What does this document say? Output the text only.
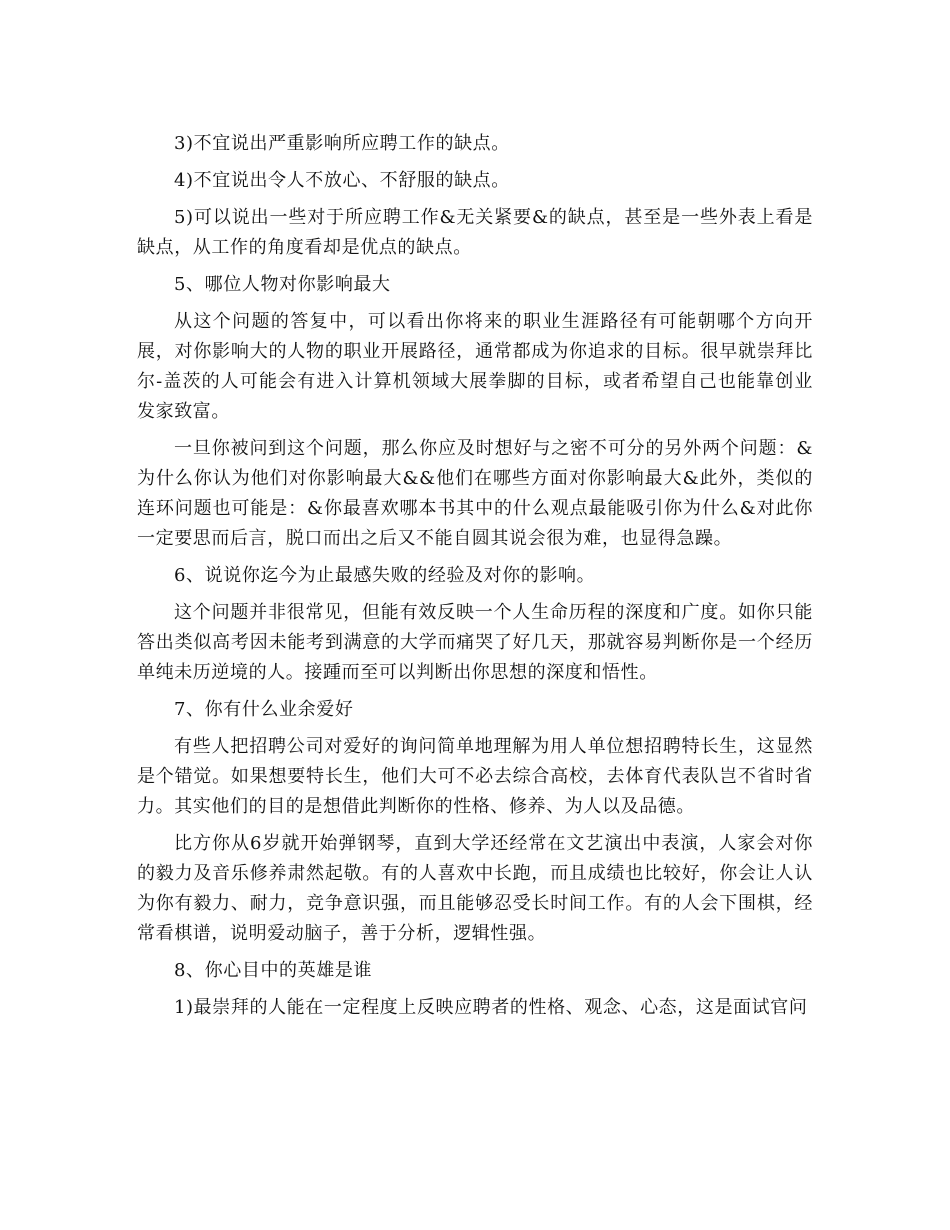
3)不宜说出严重影响所应聘工作的缺点。

4)不宜说出令人不放心、不舒服的缺点。

5)可以说出一些对于所应聘工作&无关紧要&的缺点，甚至是一些外表上看是缺点，从工作的角度看却是优点的缺点。

5、哪位人物对你影响最大

从这个问题的答复中，可以看出你将来的职业生涯路径有可能朝哪个方向开展，对你影响大的人物的职业开展路径，通常都成为你追求的目标。很早就崇拜比尔-盖茨的人可能会有进入计算机领域大展拳脚的目标，或者希望自己也能靠创业发家致富。

一旦你被问到这个问题，那么你应及时想好与之密不可分的另外两个问题：&为什么你认为他们对你影响最大&&他们在哪些方面对你影响最大&此外，类似的连环问题也可能是：&你最喜欢哪本书其中的什么观点最能吸引你为什么&对此你一定要思而后言，脱口而出之后又不能自圆其说会很为难，也显得急躁。

6、说说你迄今为止最感失败的经验及对你的影响。

这个问题并非很常见，但能有效反映一个人生命历程的深度和广度。如你只能答出类似高考因未能考到满意的大学而痛哭了好几天，那就容易判断你是一个经历单纯未历逆境的人。接踵而至可以判断出你思想的深度和悟性。

7、你有什么业余爱好

有些人把招聘公司对爱好的询问简单地理解为用人单位想招聘特长生，这显然是个错觉。如果想要特长生，他们大可不必去综合高校，去体育代表队岂不省时省力。其实他们的目的是想借此判断你的性格、修养、为人以及品德。

比方你从6岁就开始弹钢琴，直到大学还经常在文艺演出中表演，人家会对你的毅力及音乐修养肃然起敬。有的人喜欢中长跑，而且成绩也比较好，你会让人认为你有毅力、耐力，竞争意识强，而且能够忍受长时间工作。有的人会下围棋，经常看棋谱，说明爱动脑子，善于分析，逻辑性强。

8、你心目中的英雄是谁

1)最崇拜的人能在一定程度上反映应聘者的性格、观念、心态，这是面试官问
